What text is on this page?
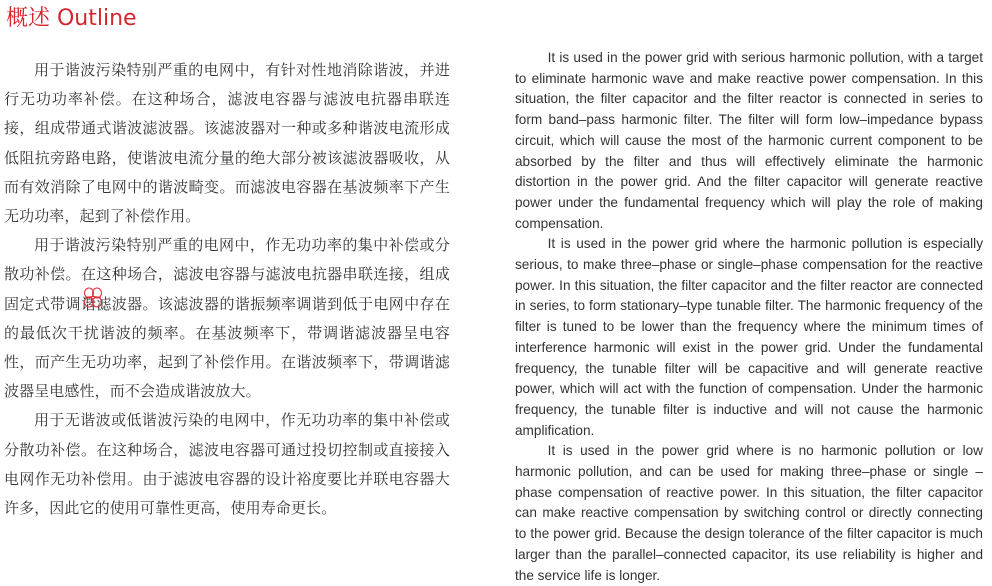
概述 Outline

用于谐波污染特别严重的电网中，有针对性地消除谐波，并进行无功功率补偿。在这种场合，滤波电容器与滤波电抗器串联连接，组成带通式谐波滤波器。该滤波器对一种或多种谐波电流形成低阻抗旁路电路，使谐波电流分量的绝大部分被该滤波器吸收，从而有效消除了电网中的谐波畸变。而滤波电容器在基波频率下产生无功功率，起到了补偿作用。

用于谐波污染特别严重的电网中，作无功功率的集中补偿或分散功补偿。在这种场合，滤波电容器与滤波电抗器串联连接，组成固定式带调谐滤波器。该滤波器的谐振频率调谐到低于电网中存在的最低次干扰谐波的频率。在基波频率下，带调谐滤波器呈电容性，而产生无功功率，起到了补偿作用。在谐波频率下，带调谐滤波器呈电感性，而不会造成谐波放大。

用于无谐波或低谐波污染的电网中，作无功功率的集中补偿或分散功补偿。在这种场合，滤波电容器可通过投切控制或直接接入电网作无功补偿用。由于滤波电容器的设计裕度要比并联电容器大许多，因此它的使用可靠性更高，使用寿命更长。

It is used in the power grid with serious harmonic pollution, with a target to eliminate harmonic wave and make reactive power compensation. In this situation, the filter capacitor and the filter reactor is connected in series to form band–pass harmonic filter. The filter will form low–impedance bypass circuit, which will cause the most of the harmonic current component to be absorbed by the filter and thus will effectively eliminate the harmonic distortion in the power grid. And the filter capacitor will generate reactive power under the fundamental frequency which will play the role of making compensation.

It is used in the power grid where the harmonic pollution is especially serious, to make three–phase or single–phase compensation for the reactive power. In this situation, the filter capacitor and the filter reactor are connected in series, to form stationary–type tunable filter. The harmonic frequency of the filter is tuned to be lower than the frequency where the minimum times of interference harmonic will exist in the power grid. Under the fundamental frequency, the tunable filter will be capacitive and will generate reactive power, which will act with the function of compensation. Under the harmonic frequency, the tunable filter is inductive and will not cause the harmonic amplification.

It is used in the power grid where is no harmonic pollution or low harmonic pollution, and can be used for making three–phase or single –phase compensation of reactive power. In this situation, the filter capacitor can make reactive compensation by switching control or directly connecting to the power grid. Because the design tolerance of the filter capacitor is much larger than the parallel–connected capacitor, its use reliability is higher and the service life is longer.
